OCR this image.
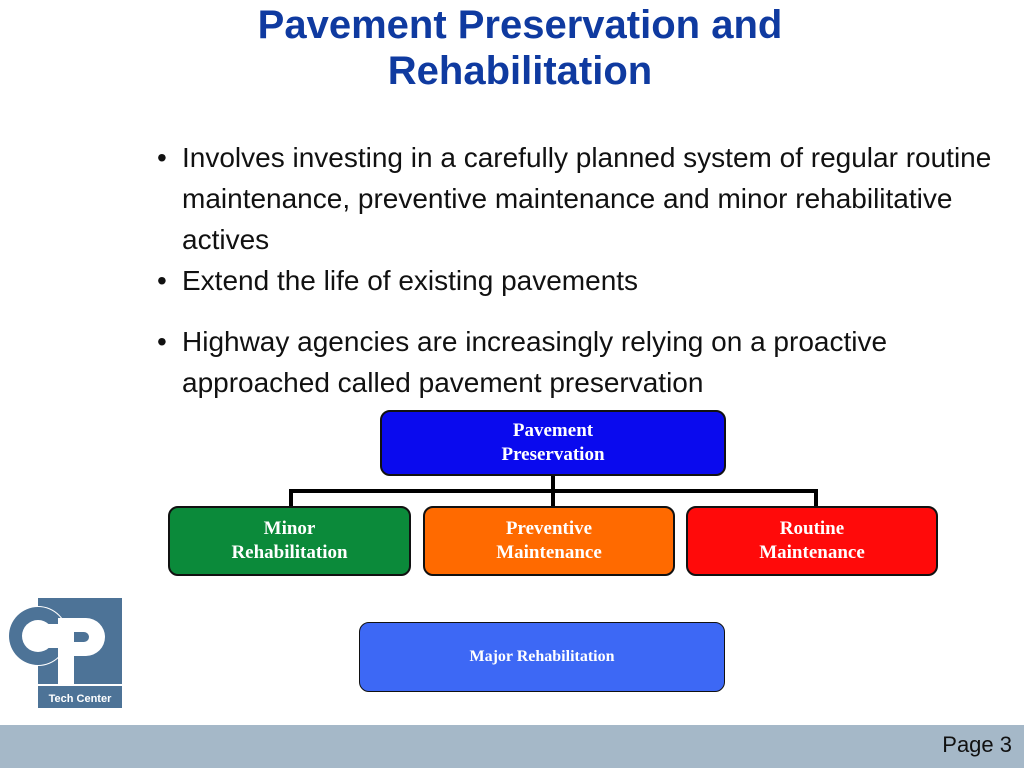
Pavement Preservation and
Rehabilitation
• Involves investing in a carefully planned system of regular routine maintenance, preventive maintenance and minor rehabilitative actives
• Extend the life of existing pavements
• Highway agencies are increasingly relying on a proactive approached called pavement preservation
Pavement
Preservation
Minor
Rehabilitation
Preventive
Maintenance
Routine
Maintenance
Major Rehabilitation
Tech Center
Page 3
